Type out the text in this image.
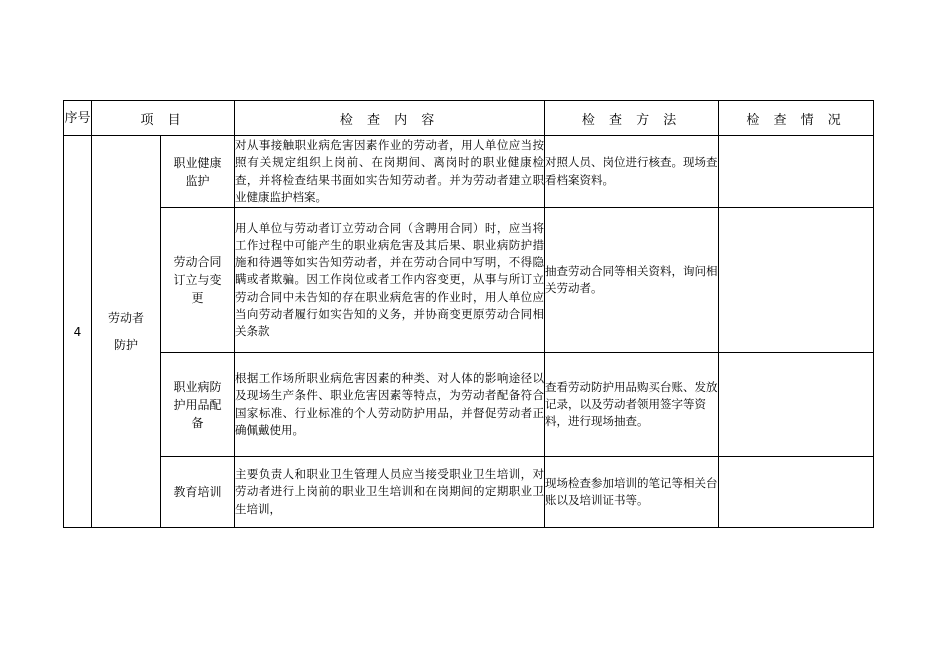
序号	项 目		检 查 内 容	检 查 方 法	检 查 情 况
4	劳动者防护	职业健康监护	对从事接触职业病危害因素作业的劳动者，用人单位应当按照有关规定组织上岗前、在岗期间、离岗时的职业健康检查，并将检查结果书面如实告知劳动者。并为劳动者建立职业健康监护档案。	对照人员、岗位进行核查。现场查看档案资料。	

		劳动合同订立与变更	用人单位与劳动者订立劳动合同（含聘用合同）时，应当将工作过程中可能产生的职业病危害及其后果、职业病防护措施和待遇等如实告知劳动者，并在劳动合同中写明，不得隐瞒或者欺骗。因工作岗位或者工作内容变更，从事与所订立劳动合同中未告知的存在职业病危害的作业时，用人单位应当向劳动者履行如实告知的义务，并协商变更原劳动合同相关条款	抽查劳动合同等相关资料，询问相关劳动者。	

		职业病防护用品配备	根据工作场所职业病危害因素的种类、对人体的影响途径以及现场生产条件、职业危害因素等特点，为劳动者配备符合国家标准、行业标准的个人劳动防护用品，并督促劳动者正确佩戴使用。	查看劳动防护用品购买台账、发放记录，以及劳动者领用签字等资料，进行现场抽查。	

		教育培训	主要负责人和职业卫生管理人员应当接受职业卫生培训，对劳动者进行上岗前的职业卫生培训和在岗期间的定期职业卫生培训，	现场检查参加培训的笔记等相关台账以及培训证书等。	
